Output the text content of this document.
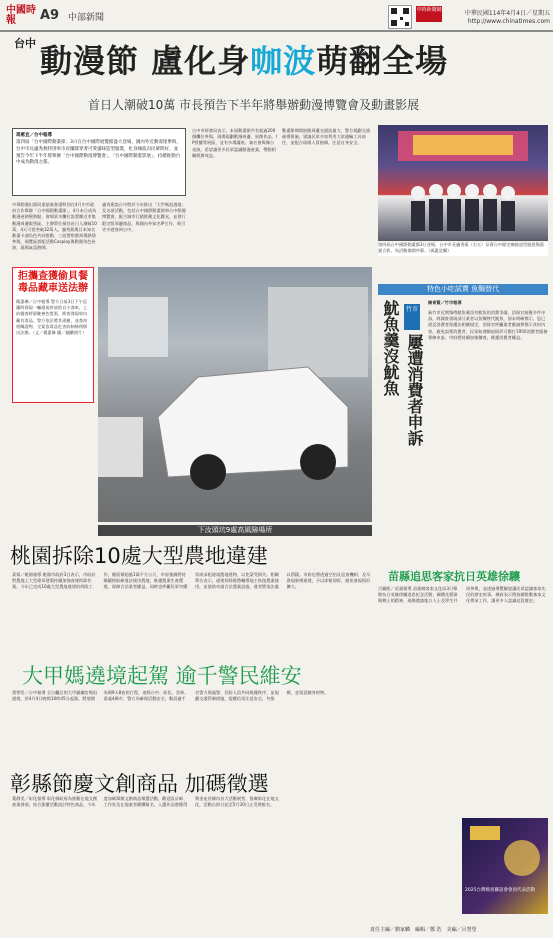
中國時報	A9 中部新聞
中時新聞網	中華民國114年4月4日／星期五
http://www.chinatimes.com
台中 動漫節 盧化身咖波萌翻全場
首日人潮破10萬 市長預告下半年將舉辦動漫博覽會及動畫影展
馮惠宜／台中報導
第四屆「台中國際動畫節」3日在台中國際展覽館盛大登場，國內外近動漫迷參與，台中市長盧秀燕特別率市府團隊穿著可愛貓咪造型服裝，化身咖波向民眾問好，並預告今年下半年將舉辦「台中國際動漫博覽會」，「台中國際動畫影展」，持續推動台中成為動漫之都。
中華動漫出版同業協進會還特別在4月中市政府合作舉辦「台中國際動畫節」，4月本日成為動漫迷朝聖熱點，會場眾多攤位設置鄰近市集動漫周邊販售區，主辦單位預估首日人潮破10萬，4天可望突破32萬人。盧秀燕與日本知名動畫卡通角色共同推動，三級警察都到場熱情參與，展覽區搭配活動Cosplay與動漫角色扮演，現場氣氛熱鬧。
盧秀燕說台中將於今年推出「大甲媽祖遶境」及各項活動，包括台中國際動畫節和台中動漫博覽會，配合城市行銷推動文化觀光，並發行限定版周邊商品，與國內外知名IP合作，吸引更多遊客到台中。
台中市經發局表示，本屆動畫節共有超過200個攤位參與，現場規劃動漫周邊、原創作品、IP授權等展區，並有多場講座、簽名會與舞台表演，希望讓更多民眾認識動漫產業，帶動相關經濟效益。
動畫節期間展館周邊交通流量大，警方規劃交通疏導措施，建議民眾多加利用大眾運輸工具前往，並配合現場人員指揮，注意自身安全。
第四屆台中國際動畫節3日登場，台中市長盧秀燕（右五）穿著台中限定咖波造型服裝與嘉賓合影，為活動揭開序幕。（馮惠宜攝）
拒攜查獲偷貝餐毒品藏車送法辦
楊惠琳／台中報導 警方日前3日下午巡邏時發現一輛違規停放的自小客車，上前盤查時駕駛神色慌張，經查發現車內藏有毒品，警方依法將其逮捕，並查扣相關證物，全案依毒品危害防制條例移送法辦。（文／楊惠琳 圖／翻攝照片）
下汝頭坑9處高風險場所
桃園拆除10處大型農地違建
姜霖／桃園報導 桃園市政府3日表示，市府針對農地上大型違章建築持續加強查報拆除作業，今年已完成10處大型農地違建的拆除工作，總面積超過1萬平方公尺，市府強調將持續嚴格取締違法使用農地，維護農業生產環境，保障合法業者權益，同時也呼籲民眾勿購買或承租違規農地建物，以免蒙受損失。相關單位表示，違建拆除後將輔導地主恢復農業使用，並協助申請合法農業設施，違者將依法處以罰鍰。市府也將透過空拍及巡查機制，及早發現新增違建，予以即報即拆，避免違規情形擴大。
大甲媽遶境起駕 逾千警民維安
賈智堅／台中報導 全台矚目的大甲鎮瀾宮媽祖遶境，於4月4日晚間10時45分起駕，將展開為期9天8夜的行程，途經台中、彰化、雲林、嘉義4縣市，警方為確保活動安全，動員逾千名警力與義警、民防人員共同維護秩序，並規劃交通管制措施，提醒信眾注意安全，勿推擠，並留意隨身財物。
彰縣節慶文創商品 加碼徵選
葉靜美／彰化報導 彰化縣政府為推動在地文創產業發展，結合節慶活動設計特色商品，今年度加碼舉辦文創商品徵選活動，歡迎設計師、工作室及在地業者踴躍報名，入選作品將獲得獎金並於縣內各大活動展售，推廣彰化在地文化，活動自即日起至5月30日止受理報名。
特色小吃試賣 魚麵替代
魷魚羹沒魷魚 竹市
屢遭消費者申訴
陳育賢／竹市報導
新竹市近期頻傳魷魚羹沒有魷魚的消費爭議，消保官接獲多件申訴，經調查發現部分業者以魚麵替代魷魚，卻未明確標示，恐已違反消費者保護法相關規定，消保官呼籲業者應誠實標示食材內容，避免誤導消費者，民眾如遇類似情形可撥打1950消費者服務專線申訴，市府將持續加強稽查，維護消費者權益。
苗縣追思客家抗日英雄徐驤
呂藏熙／苗栗報導 苗栗縣客家文化局3日舉辦抗日英雄徐驤追思紀念活動，緬懷先賢保衛鄉土的精神，現場邀請地方人士及學生共同參與，並透過導覽解說讓民眾認識客家先民的歷史故事，縣府表示將持續推動客家文化傳承工作，讓更多人認識這段歷史。
2025台灣媽祖聯誼會會員代表活動
責任主編／劉家麟　編輯／鄭 浩　美編／呂慧瑩
